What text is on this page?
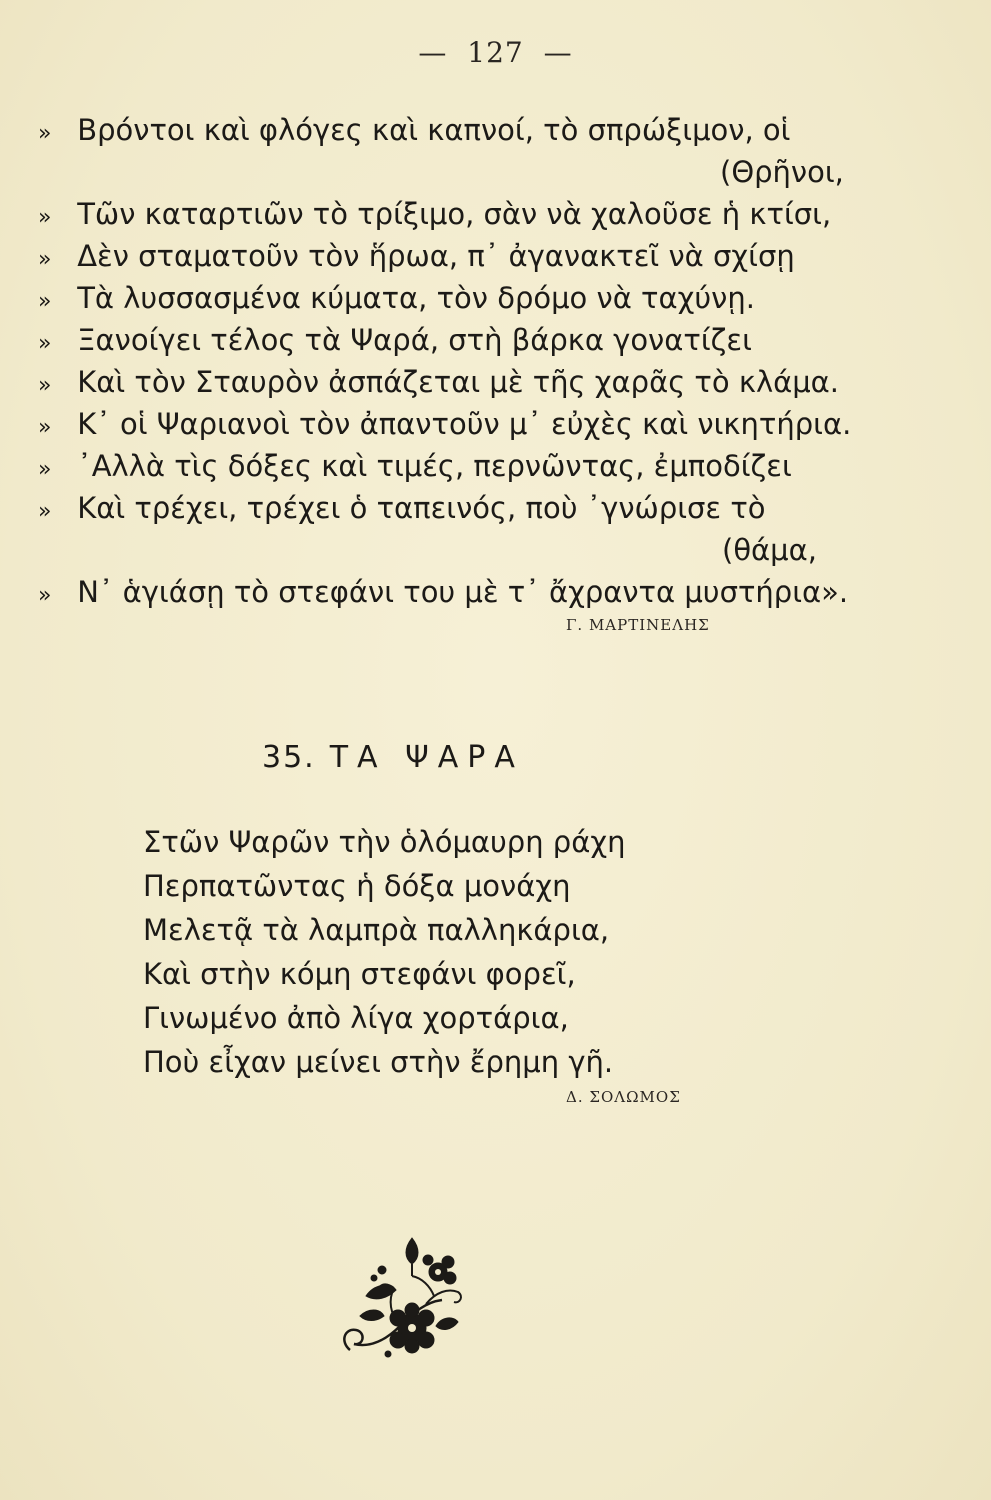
— 127 —
» Βρόντοι καὶ φλόγες καὶ καπνοί, τὸ σπρώξιμον, οἱ
(Θρῆνοι,
» Τῶν καταρτιῶν τὸ τρίξιμο, σὰν νὰ χαλοῦσε ἡ κτίσι,
» Δὲν σταματοῦν τὸν ἥρωα, π᾽ ἀγανακτεῖ νὰ σχίσῃ
» Τὰ λυσσασμένα κύματα, τὸν δρόμο νὰ ταχύνῃ.
» Ξανοίγει τέλος τὰ Ψαρά, στὴ βάρκα γονατίζει
» Καὶ τὸν Σταυρὸν ἀσπάζεται μὲ τῆς χαρᾶς τὸ κλάμα.
» Κ᾽ οἱ Ψαριανοὶ τὸν ἀπαντοῦν μ᾽ εὐχὲς καὶ νικητήρια.
» ᾽Αλλὰ τὶς δόξες καὶ τιμές, περνῶντας, ἐμποδίζει
» Καὶ τρέχει, τρέχει ὁ ταπεινός, ποὺ ᾽γνώρισε τὸ
(θάμα,
» Ν᾽ ἁγιάσῃ τὸ στεφάνι του μὲ τ᾽ ἄχραντα μυστήρια».
Γ. ΜΑΡΤΙΝΕΛΗΣ
35. ΤΑ ΨΑΡΑ
Στῶν Ψαρῶν τὴν ὁλόμαυρη ράχη
Περπατῶντας ἡ δόξα μονάχη
Μελετᾷ τὰ λαμπρὰ παλληκάρια,
Καὶ στὴν κόμη στεφάνι φορεῖ,
Γινωμένο ἀπὸ λίγα χορτάρια,
Ποὺ εἶχαν μείνει στὴν ἔρημη γῆ.
Δ. ΣΟΛΩΜΟΣ
